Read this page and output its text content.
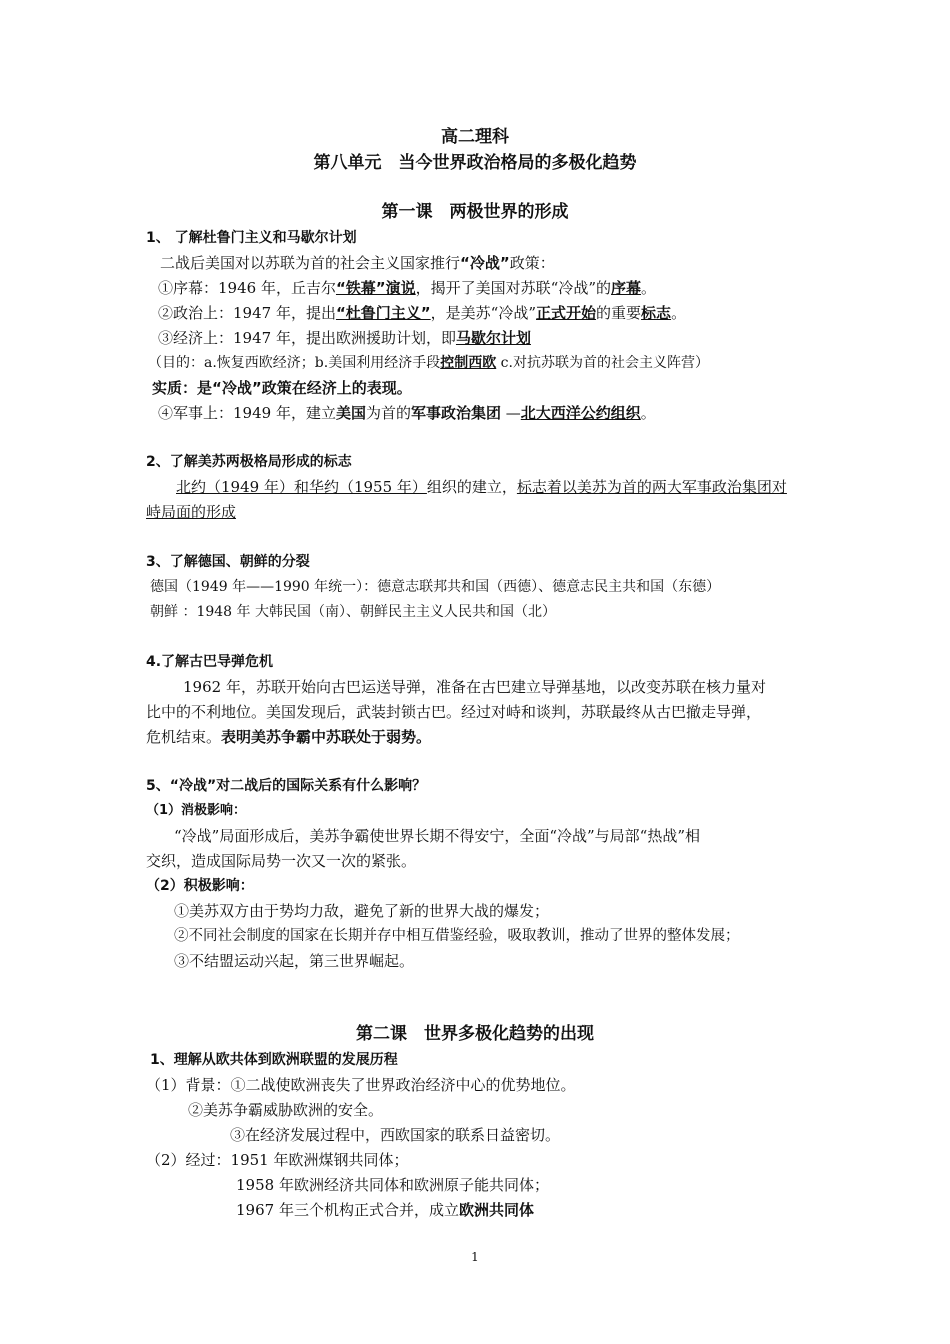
高二理科
第八单元　当今世界政治格局的多极化趋势
第一课　两极世界的形成
1、 了解杜鲁门主义和马歇尔计划
二战后美国对以苏联为首的社会主义国家推行“冷战”政策：
①序幕：1946 年，丘吉尔“铁幕”演说，揭开了美国对苏联“冷战”的序幕。
②政治上：1947 年，提出“杜鲁门主义”，是美苏“冷战”正式开始的重要标志。
③经济上：1947 年，提出欧洲援助计划，即马歇尔计划
（目的：a.恢复西欧经济；b.美国利用经济手段控制西欧 c.对抗苏联为首的社会主义阵营）
实质：是“冷战”政策在经济上的表现。
④军事上：1949 年，建立美国为首的军事政治集团 —北大西洋公约组织。
2、了解美苏两极格局形成的标志
北约（1949 年）和华约（1955 年）组织的建立，标志着以美苏为首的两大军事政治集团对
峙局面的形成
3、了解德国、朝鲜的分裂
德国（1949 年——1990 年统一）：德意志联邦共和国（西德）、德意志民主共和国（东德）
朝鲜 ：1948 年 大韩民国（南）、朝鲜民主主义人民共和国（北）
4.了解古巴导弹危机
1962 年，苏联开始向古巴运送导弹，准备在古巴建立导弹基地，以改变苏联在核力量对
比中的不利地位。美国发现后，武装封锁古巴。经过对峙和谈判，苏联最终从古巴撤走导弹，
危机结束。表明美苏争霸中苏联处于弱势。
5、“冷战”对二战后的国际关系有什么影响？
（1）消极影响：
“冷战”局面形成后，美苏争霸使世界长期不得安宁，全面“冷战”与局部“热战”相
交织，造成国际局势一次又一次的紧张。
（2）积极影响：
①美苏双方由于势均力敌，避免了新的世界大战的爆发；
②不同社会制度的国家在长期并存中相互借鉴经验，吸取教训，推动了世界的整体发展；
③不结盟运动兴起，第三世界崛起。
第二课　世界多极化趋势的出现
1、理解从欧共体到欧洲联盟的发展历程
（1）背景：①二战使欧洲丧失了世界政治经济中心的优势地位。
②美苏争霸威胁欧洲的安全。
③在经济发展过程中，西欧国家的联系日益密切。
（2）经过：1951 年欧洲煤钢共同体；
1958 年欧洲经济共同体和欧洲原子能共同体；
1967 年三个机构正式合并，成立欧洲共同体
1
